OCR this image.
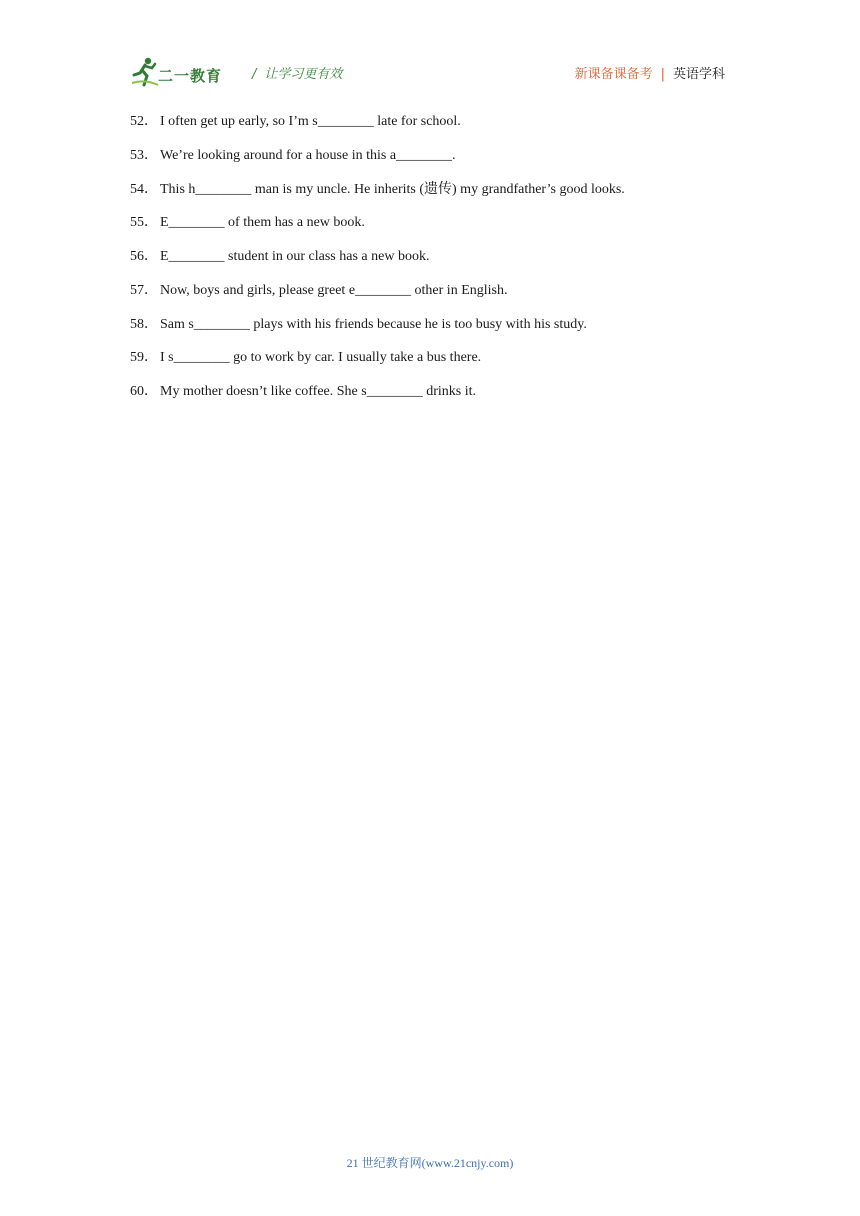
二一教育 / 让学习更有效	新课备课备考 | 英语学科
52． I often get up early, so I’m s________ late for school.
53． We’re looking around for a house in this a________.
54． This h________ man is my uncle. He inherits (遗传) my grandfather’s good looks.
55． E________ of them has a new book.
56． E________ student in our class has a new book.
57． Now, boys and girls, please greet e________ other in English.
58． Sam s________ plays with his friends because he is too busy with his study.
59． I s________ go to work by car. I usually take a bus there.
60． My mother doesn’t like coffee. She s________ drinks it.
21 世纪教育网(www.21cnjy.com)
